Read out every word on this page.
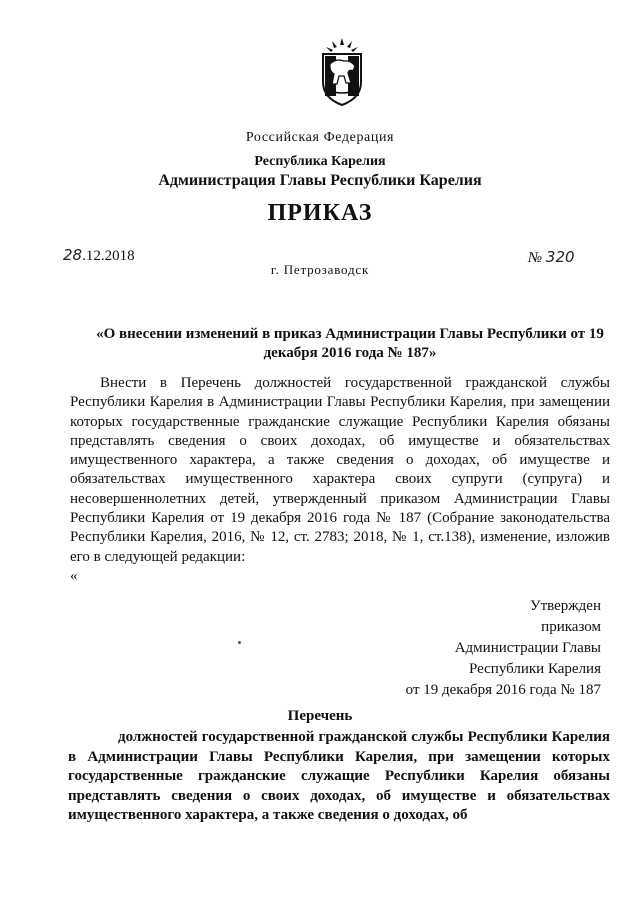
Российская Федерация
Республика Карелия
Администрация Главы Республики Карелия
ПРИКАЗ
28.12.2018	№ 320
г. Петрозаводск
«О внесении изменений в приказ Администрации Главы Республики от 19 декабря 2016 года № 187»

Внести в Перечень должностей государственной гражданской службы Республики Карелия в Администрации Главы Республики Карелия, при замещении которых государственные гражданские служащие Республики Карелия обязаны представлять сведения о своих доходах, об имуществе и обязательствах имущественного характера, а также сведения о доходах, об имуществе и обязательствах имущественного характера своих супруги (супруга) и несовершеннолетних детей, утвержденный приказом Администрации Главы Республики Карелия от 19 декабря 2016 года № 187 (Собрание законодательства Республики Карелия, 2016, № 12, ст. 2783; 2018, № 1, ст.138), изменение, изложив его в следующей редакции:

«
Утвержден
приказом
Администрации Главы
Республики Карелия
от 19 декабря 2016 года № 187
Перечень

должностей государственной гражданской службы Республики Карелия в Администрации Главы Республики Карелия, при замещении которых государственные гражданские служащие Республики Карелия обязаны представлять сведения о своих доходах, об имуществе и обязательствах имущественного характера, а также сведения о доходах, об
